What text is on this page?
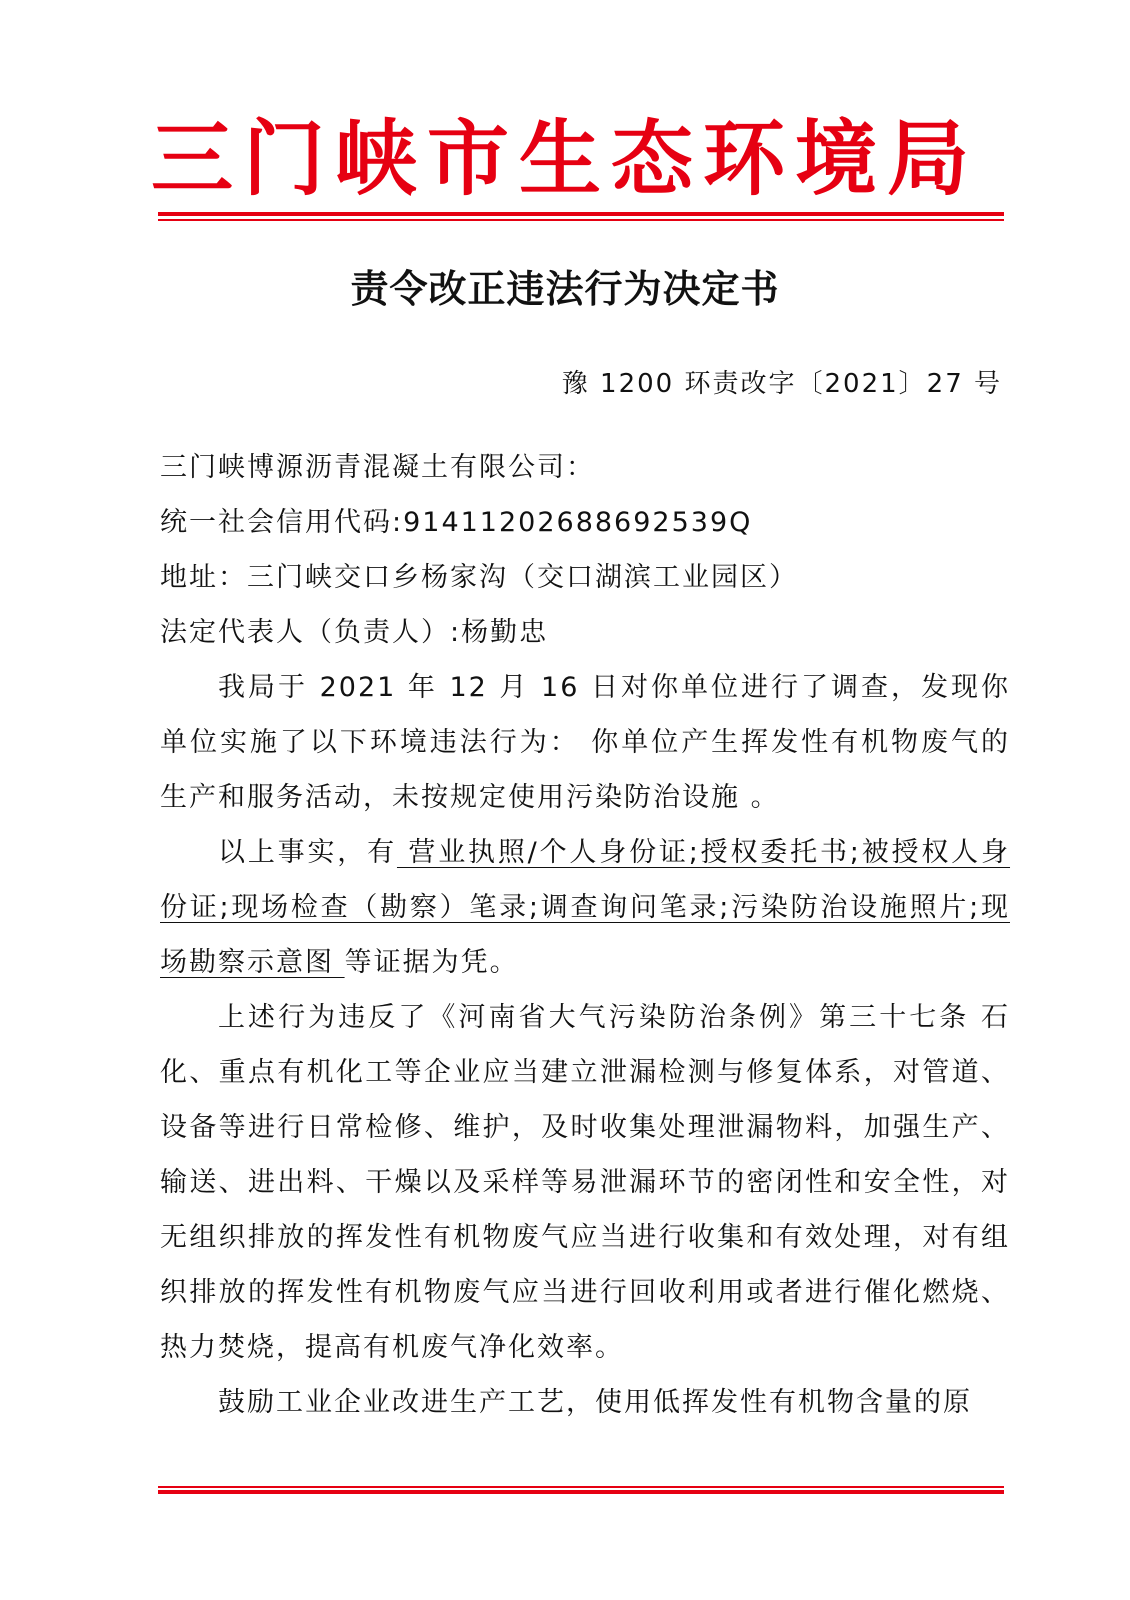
三门峡市生态环境局
责令改正违法行为决定书
豫 1200 环责改字〔2021〕27 号

三门峡博源沥青混凝土有限公司：

统一社会信用代码:91411202688692539Q

地址：三门峡交口乡杨家沟（交口湖滨工业园区）

法定代表人（负责人）:杨勤忠

我局于 2021 年 12 月 16 日对你单位进行了调查，发现你单位实施了以下环境违法行为： 你单位产生挥发性有机物废气的生产和服务活动，未按规定使用污染防治设施 。

以上事实，有 营业执照/个人身份证;授权委托书;被授权人身份证;现场检查（勘察）笔录;调查询问笔录;污染防治设施照片;现场勘察示意图 等证据为凭。

上述行为违反了《河南省大气污染防治条例》第三十七条 石化、重点有机化工等企业应当建立泄漏检测与修复体系，对管道、设备等进行日常检修、维护，及时收集处理泄漏物料，加强生产、输送、进出料、干燥以及采样等易泄漏环节的密闭性和安全性，对无组织排放的挥发性有机物废气应当进行收集和有效处理，对有组织排放的挥发性有机物废气应当进行回收利用或者进行催化燃烧、热力焚烧，提高有机废气净化效率。

鼓励工业企业改进生产工艺，使用低挥发性有机物含量的原
